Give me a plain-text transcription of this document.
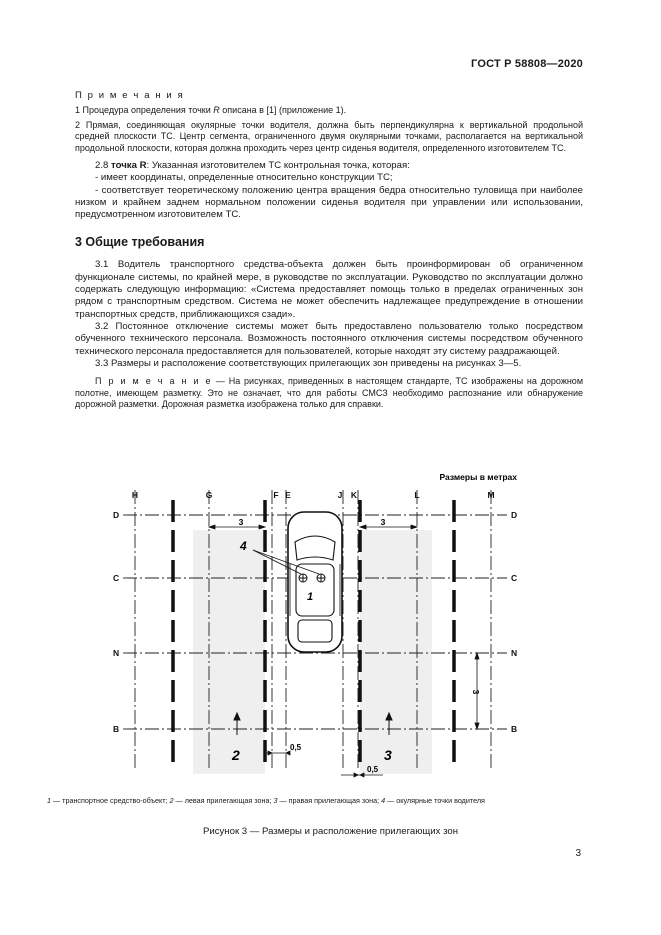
ГОСТ Р 58808—2020
П р и м е ч а н и я

1 Процедура определения точки R описана в [1] (приложение 1).

2 Прямая, соединяющая окулярные точки водителя, должна быть перпендикулярна к вертикальной продольной средней плоскости ТС. Центр сегмента, ограниченного двумя окулярными точками, располагается на вертикальной продольной плоскости, которая должна проходить через центр сиденья водителя, определенного изготовителем ТС.

2.8 точка R: Указанная изготовителем ТС контрольная точка, которая:

- имеет координаты, определенные относительно конструкции ТС;

- соответствует теоретическому положению центра вращения бедра относительно туловища при наиболее низком и крайнем заднем нормальном положении сиденья водителя при управлении или использовании, предусмотренном изготовителем ТС.

3 Общие требования

3.1 Водитель транспортного средства-объекта должен быть проинформирован об ограниченном функционале системы, по крайней мере, в руководстве по эксплуатации. Руководство по эксплуатации должно содержать следующую информацию: «Система предоставляет помощь только в пределах ограниченных зон рядом с транспортным средством. Система не может обеспечить надлежащее предупреждение в отношении транспортных средств, приближающихся сзади».

3.2 Постоянное отключение системы может быть предоставлено пользователю только посредством обученного технического персонала. Возможность постоянного отключения системы посредством обученного технического персонала предоставляется для пользователей, которые находят эту систему раздражающей.

3.3 Размеры и расположение соответствующих прилегающих зон приведены на рисунках 3—5.

П р и м е ч а н и е — На рисунках, приведенных в настоящем стандарте, ТС изображены на дорожном полотне, имеющем разметку. Это не означает, что для работы СМСЗ необходимо распознание или обнаружение дорожной разметки. Дорожная разметка изображена только для справки.

Размеры в метрах
H	G	F E	J K	L	M
D	D
C	C
N	N
B	B
1
4
2	3
3	3
3
0,5
0,5
1 — транспортное средство-объект; 2 — левая прилегающая зона; 3 — правая прилегающая зона; 4 — окулярные точки водителя
Рисунок 3 — Размеры и расположение прилегающих зон
3
